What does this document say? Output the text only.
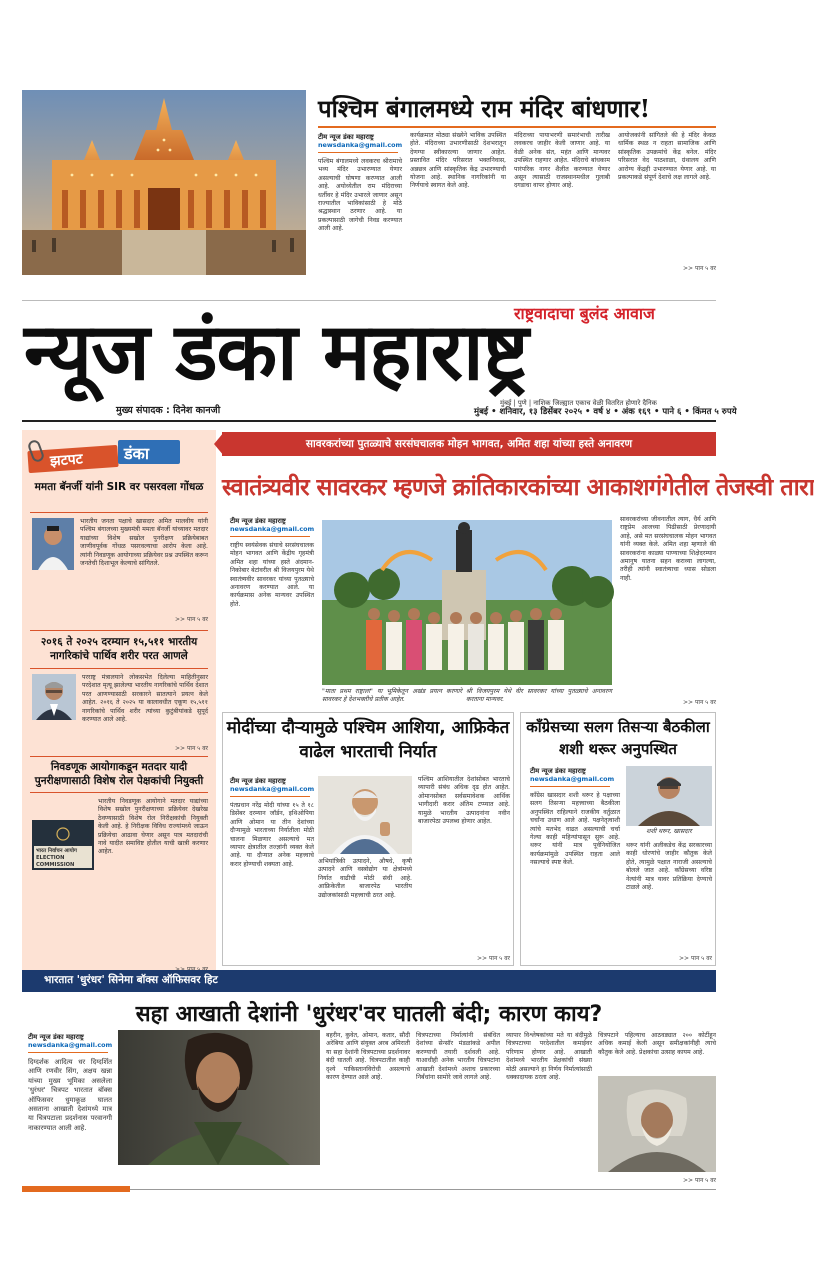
पश्चिम बंगालमध्ये राम मंदिर बांधणार!
टीम न्यूज डंका महाराष्ट्र
newsdanka@gmail.com
पश्चिम बंगालमध्ये लवकरच श्रीरामाचे भव्य मंदिर उभारण्यात येणार असल्याची घोषणा करण्यात आली आहे. अयोध्येतील राम मंदिराच्या धर्तीवर हे मंदिर उभारले जाणार असून राज्यातील भाविकांसाठी हे मोठे श्रद्धास्थान ठरणार आहे. या प्रकल्पासाठी जागेची निवड करण्यात आली आहे.
कार्यक्रमात मोठ्या संख्येने भाविक उपस्थित होते. मंदिराच्या उभारणीसाठी देशभरातून देणग्या स्वीकारल्या जाणार आहेत. प्रस्तावित मंदिर परिसरात भक्तनिवास, अन्नछत्र आणि सांस्कृतिक केंद्र उभारण्याची योजना आहे. स्थानिक नागरिकांनी या निर्णयाचे स्वागत केले आहे.
मंदिराच्या पायाभरणी समारंभाची तारीख लवकरच जाहीर केली जाणार आहे. या वेळी अनेक संत, महंत आणि मान्यवर उपस्थित राहणार आहेत. मंदिराचे बांधकाम पारंपरिक नागर शैलीत करण्यात येणार असून त्यासाठी राजस्थानमधील गुलाबी दगडाचा वापर होणार आहे.
आयोजकांनी सांगितले की हे मंदिर केवळ धार्मिक स्थळ न राहता सामाजिक आणि सांस्कृतिक उपक्रमांचे केंद्र बनेल. मंदिर परिसरात वेद पाठशाळा, ग्रंथालय आणि आरोग्य केंद्रही उभारण्यात येणार आहे. या प्रकल्पाकडे संपूर्ण देशाचे लक्ष लागले आहे.
>> पान ५ वर
न्यूज डंका महाराष्ट्र
राष्ट्रवादाचा बुलंद आवाज
मुंबई | पुणे | नाशिक जिल्ह्यात एकाच वेळी वितरित होणारे दैनिक
मुख्य संपादक : दिनेश कानजी	मुंबई • शनिवार, १३ डिसेंबर २०२५ • वर्ष ४ • अंक १६९ • पाने ६ • किंमत ५ रुपये
झटपट	डंका
ममता बॅनर्जी यांनी SIR वर पसरवला गोंधळ
भारतीय जनता पक्षाचे खासदार अमित मालवीय यांनी पश्चिम बंगालच्या मुख्यमंत्री ममता बॅनर्जी यांच्यावर मतदार याद्यांच्या विशेष सखोल पुनरीक्षण प्रक्रियेबाबत जाणीवपूर्वक गोंधळ पसरवल्याचा आरोप केला आहे. त्यांनी निवडणूक आयोगाच्या प्रक्रियेवर प्रश्न उपस्थित करून जनतेची दिशाभूल केल्याचे सांगितले.
>> पान ५ वर
२०१६ ते २०२५ दरम्यान १५,५११ भारतीय नागरिकांचे पार्थिव शरीर परत आणले
परराष्ट्र मंत्रालयाने लोकसभेत दिलेल्या माहितीनुसार परदेशात मृत्यू झालेल्या भारतीय नागरिकांचे पार्थिव देशात परत आणण्यासाठी सरकारने सातत्याने प्रयत्न केले आहेत. २०१६ ते २०२५ या कालावधीत एकूण १५,५११ नागरिकांचे पार्थिव शरीर त्यांच्या कुटुंबीयांकडे सुपूर्द करण्यात आले आहे.
>> पान ५ वर
निवडणूक आयोगाकडून मतदार यादी पुनरीक्षणासाठी विशेष रोल पेक्षकांची नियुक्ती
भारत निर्वाचन आयोग ELECTION COMMISSION
भारतीय निवडणूक आयोगाने मतदार याद्यांच्या विशेष सखोल पुनरीक्षणाच्या प्रक्रियेवर देखरेख ठेवण्यासाठी विशेष रोल निरीक्षकांची नियुक्ती केली आहे. हे निरीक्षक विविध राज्यांमध्ये जाऊन प्रक्रियेचा आढावा घेणार असून पात्र मतदारांची नावे यादीत समाविष्ट होतील याची खात्री करणार आहेत.
सावरकरांच्या पुतळ्याचे सरसंघचालक मोहन भागवत, अमित शहा यांच्या हस्ते अनावरण
स्वातंत्र्यवीर सावरकर म्हणजे क्रांतिकारकांच्या आकाशगंगेतील तेजस्वी तारा
टीम न्यूज डंका महाराष्ट्र
newsdanka@gmail.com
राष्ट्रीय स्वयंसेवक संघाचे सरसंघचालक मोहन भागवत आणि केंद्रीय गृहमंत्री अमित शहा यांच्या हस्ते अंदमान-निकोबार बेटांवरील श्री विजयपुरम येथे स्वातंत्र्यवीर सावरकर यांच्या पुतळ्याचे अनावरण करण्यात आले. या कार्यक्रमास अनेक मान्यवर उपस्थित होते.
"माता प्रथम राष्ट्राला" या भूमिकेतून अखंड प्रयत्न करणारे सावरकर हे देशभक्तीचे प्रतीक आहेत.
श्री विजयपुरम येथे वीर सावरकर यांच्या पुतळ्याचे अनावरण करताना मान्यवर.
सावरकरांच्या जीवनातील त्याग, धैर्य आणि राष्ट्रप्रेम आजच्या पिढीसाठी प्रेरणादायी आहे, असे मत सरसंघचालक मोहन भागवत यांनी व्यक्त केले. अमित शहा म्हणाले की सावरकरांना काळ्या पाण्याच्या शिक्षेदरम्यान अमानुष यातना सहन कराव्या लागल्या, तरीही त्यांनी स्वातंत्र्याचा ध्यास सोडला नाही.
>> पान ५ वर
मोदींच्या दौऱ्यामुळे पश्चिम आशिया, आफ्रिकेत वाढेल भारताची निर्यात
टीम न्यूज डंका महाराष्ट्र
newsdanka@gmail.com
पंतप्रधान नरेंद्र मोदी यांच्या १५ ते १८ डिसेंबर दरम्यान जॉर्डन, इथिओपिया आणि ओमान या तीन देशांच्या दौऱ्यामुळे भारताच्या निर्यातीला मोठी चालना मिळणार असल्याचे मत व्यापार क्षेत्रातील तज्ज्ञांनी व्यक्त केले आहे. या दौऱ्यात अनेक महत्त्वाचे करार होण्याची शक्यता आहे.	अभियांत्रिकी उत्पादने, औषधे, कृषी उत्पादने आणि वस्त्रोद्योग या क्षेत्रांमध्ये निर्यात वाढीची मोठी संधी आहे. आफ्रिकेतील बाजारपेठ भारतीय उद्योजकांसाठी महत्त्वाची ठरत आहे.
पश्चिम आशियातील देशांसोबत भारताचे व्यापारी संबंध अधिक दृढ होत आहेत. ओमानसोबत सर्वसमावेशक आर्थिक भागीदारी करार अंतिम टप्प्यात आहे. यामुळे भारतीय उत्पादनांना नवीन बाजारपेठा उपलब्ध होणार आहेत.
>> पान ५ वर
काँग्रेसच्या सलग तिसऱ्या बैठकीला शशी थरूर अनुपस्थित
टीम न्यूज डंका महाराष्ट्र
newsdanka@gmail.com
काँग्रेस खासदार शशी थरूर हे पक्षाच्या सलग तिसऱ्या महत्त्वाच्या बैठकीला अनुपस्थित राहिल्याने राजकीय वर्तुळात चर्चांना उधाण आले आहे. पक्षनेतृत्वाशी त्यांचे मतभेद वाढत असल्याची चर्चा गेल्या काही महिन्यांपासून सुरू आहे. थरूर यांनी मात्र पूर्वनियोजित कार्यक्रमांमुळे उपस्थित राहता आले नसल्याचे स्पष्ट केले.
शशी थरूर, खासदार
थरूर यांनी अलीकडेच केंद्र सरकारच्या काही धोरणांचे जाहीर कौतुक केले होते, त्यामुळे पक्षात नाराजी असल्याचे बोलले जात आहे. काँग्रेसच्या वरिष्ठ नेत्यांनी मात्र यावर प्रतिक्रिया देण्याचे टाळले आहे.
>> पान ५ वर
भारतात 'धुरंधर' सिनेमा बॉक्स ऑफिसवर हिट
सहा आखाती देशांनी 'धुरंधर'वर घातली बंदी; कारण काय?
टीम न्यूज डंका महाराष्ट्र
newsdanka@gmail.com
दिग्दर्शक आदित्य धर दिग्दर्शित आणि रणवीर सिंग, अक्षय खन्ना यांच्या मुख्य भूमिका असलेला 'धुरंधर' चित्रपट भारतात बॉक्स ऑफिसवर धुमाकूळ घालत असताना आखाती देशांमध्ये मात्र या चित्रपटाला प्रदर्शनास परवानगी नाकारण्यात आली आहे.
बहरीन, कुवेत, ओमान, कतार, सौदी अरेबिया आणि संयुक्त अरब अमिराती या सहा देशांनी चित्रपटाच्या प्रदर्शनावर बंदी घातली आहे. चित्रपटातील काही दृश्ये पाकिस्तानविरोधी असल्याचे कारण देण्यात आले आहे.
चित्रपटाच्या निर्मात्यांनी संबंधित देशांच्या सेन्सॉर मंडळांकडे अपील करण्याची तयारी दर्शवली आहे. याआधीही अनेक भारतीय चित्रपटांना आखाती देशांमध्ये अशाच प्रकारच्या निर्बंधांना सामोरे जावे लागले आहे.
व्यापार विश्लेषकांच्या मते या बंदीमुळे चित्रपटाच्या परदेशातील कमाईवर परिणाम होणार आहे. आखाती देशांमध्ये भारतीय प्रेक्षकांची संख्या मोठी असल्याने हा निर्णय निर्मात्यांसाठी धक्कादायक ठरला आहे.
चित्रपटाने पहिल्याच आठवड्यात २०० कोटींहून अधिक कमाई केली असून समीक्षकांनीही त्याचे कौतुक केले आहे. प्रेक्षकांचा उत्साह कायम आहे.
>> पान ५ वर
